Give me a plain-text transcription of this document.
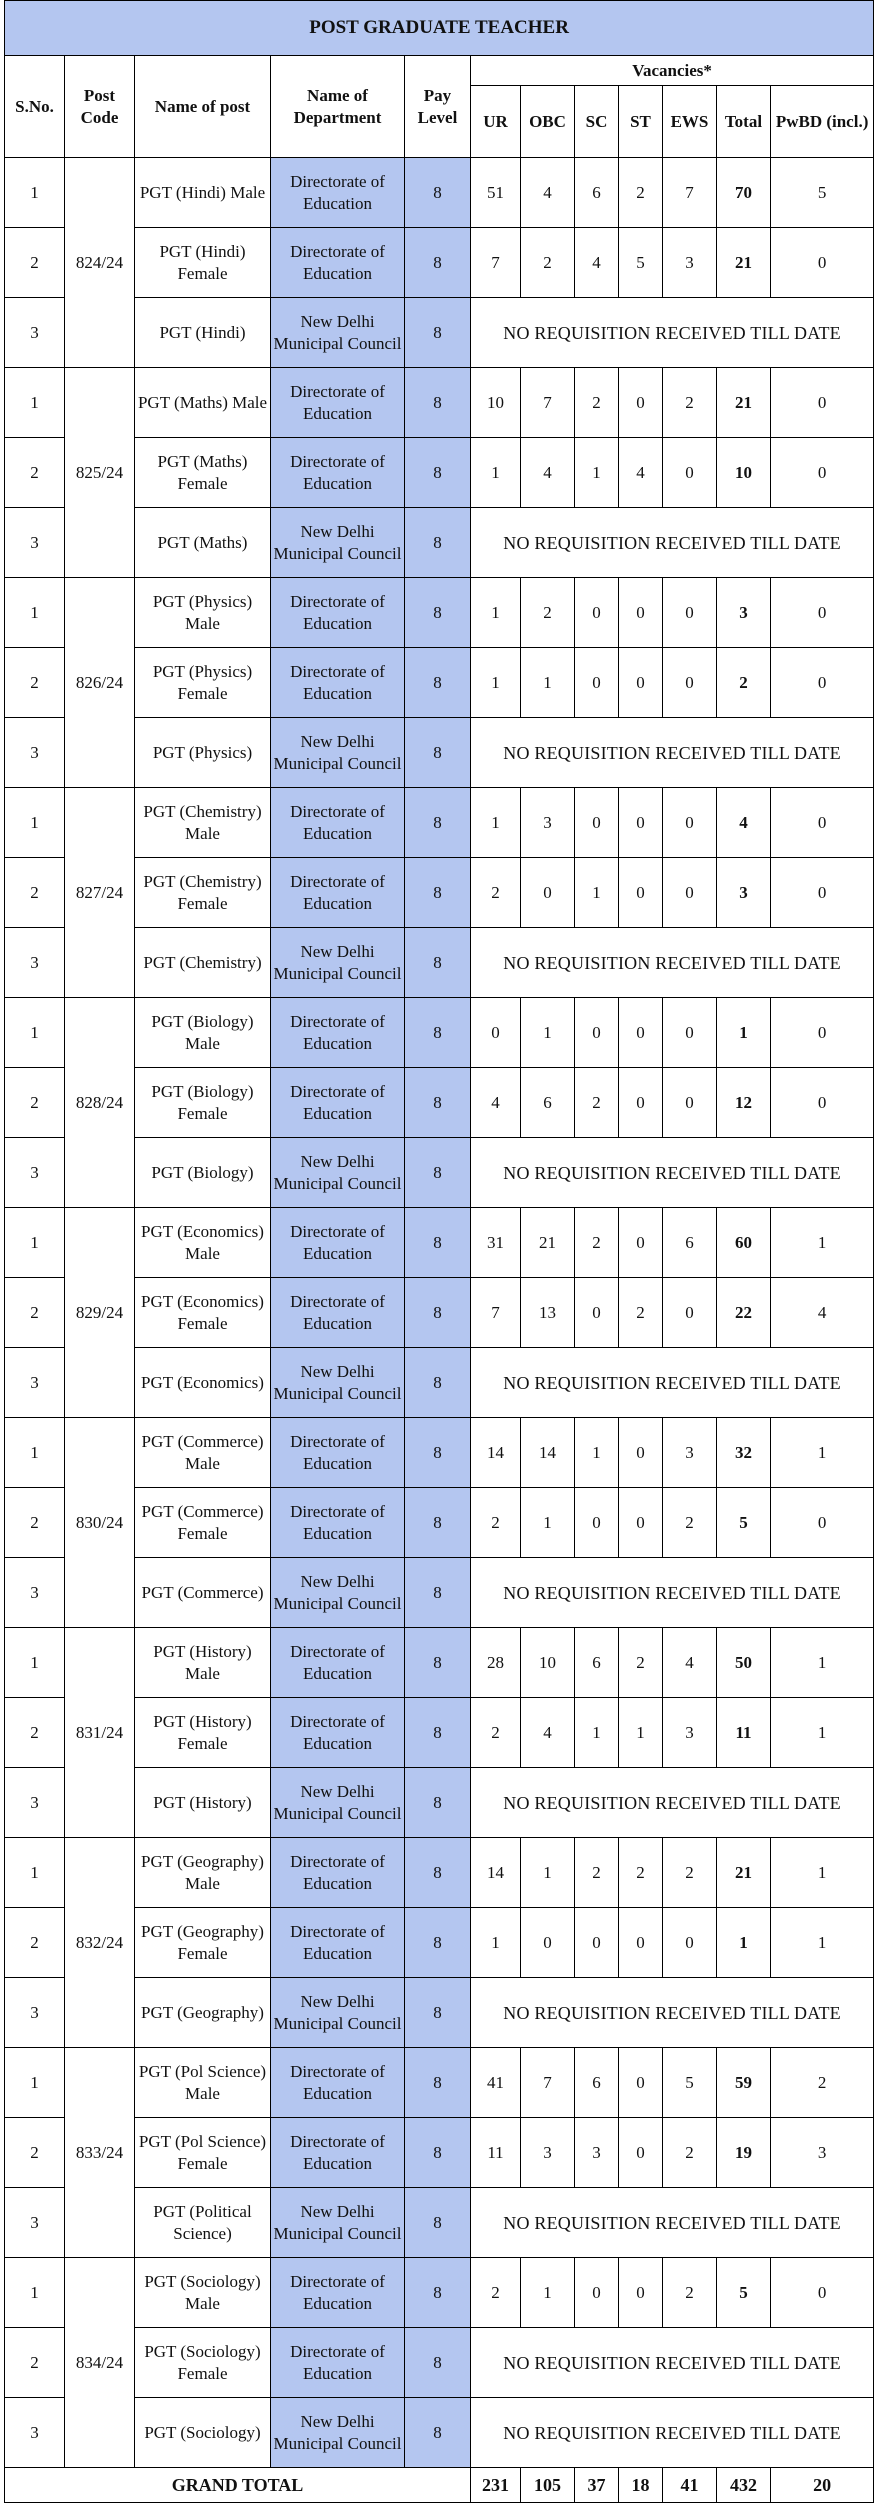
POST GRADUATE TEACHER											
S.No.	Post Code	Name of post	Name of Department	Pay Level	Vacancies*						
					UR	OBC	SC	ST	EWS	Total	PwBD (incl.)
1	824/24	PGT (Hindi) Male	Directorate of Education	8	51	4	6	2	7	70	5
2		PGT (Hindi) Female	Directorate of Education	8	7	2	4	5	3	21	0
3		PGT (Hindi)	New Delhi Municipal Council	8	NO REQUISITION RECEIVED TILL DATE						
1	825/24	PGT (Maths) Male	Directorate of Education	8	10	7	2	0	2	21	0
2		PGT (Maths) Female	Directorate of Education	8	1	4	1	4	0	10	0
3		PGT (Maths)	New Delhi Municipal Council	8	NO REQUISITION RECEIVED TILL DATE						
1	826/24	PGT (Physics) Male	Directorate of Education	8	1	2	0	0	0	3	0
2		PGT (Physics) Female	Directorate of Education	8	1	1	0	0	0	2	0
3		PGT (Physics)	New Delhi Municipal Council	8	NO REQUISITION RECEIVED TILL DATE						
1	827/24	PGT (Chemistry) Male	Directorate of Education	8	1	3	0	0	0	4	0
2		PGT (Chemistry) Female	Directorate of Education	8	2	0	1	0	0	3	0
3		PGT (Chemistry)	New Delhi Municipal Council	8	NO REQUISITION RECEIVED TILL DATE						
1	828/24	PGT (Biology) Male	Directorate of Education	8	0	1	0	0	0	1	0
2		PGT (Biology) Female	Directorate of Education	8	4	6	2	0	0	12	0
3		PGT (Biology)	New Delhi Municipal Council	8	NO REQUISITION RECEIVED TILL DATE						
1	829/24	PGT (Economics) Male	Directorate of Education	8	31	21	2	0	6	60	1
2		PGT (Economics) Female	Directorate of Education	8	7	13	0	2	0	22	4
3		PGT (Economics)	New Delhi Municipal Council	8	NO REQUISITION RECEIVED TILL DATE						
1	830/24	PGT (Commerce) Male	Directorate of Education	8	14	14	1	0	3	32	1
2		PGT (Commerce) Female	Directorate of Education	8	2	1	0	0	2	5	0
3		PGT (Commerce)	New Delhi Municipal Council	8	NO REQUISITION RECEIVED TILL DATE						
1	831/24	PGT (History) Male	Directorate of Education	8	28	10	6	2	4	50	1
2		PGT (History) Female	Directorate of Education	8	2	4	1	1	3	11	1
3		PGT (History)	New Delhi Municipal Council	8	NO REQUISITION RECEIVED TILL DATE						
1	832/24	PGT (Geography) Male	Directorate of Education	8	14	1	2	2	2	21	1
2		PGT (Geography) Female	Directorate of Education	8	1	0	0	0	0	1	1
3		PGT (Geography)	New Delhi Municipal Council	8	NO REQUISITION RECEIVED TILL DATE						
1	833/24	PGT (Pol Science) Male	Directorate of Education	8	41	7	6	0	5	59	2
2		PGT (Pol Science) Female	Directorate of Education	8	11	3	3	0	2	19	3
3		PGT (Political Science)	New Delhi Municipal Council	8	NO REQUISITION RECEIVED TILL DATE						
1	834/24	PGT (Sociology) Male	Directorate of Education	8	2	1	0	0	2	5	0
2		PGT (Sociology) Female	Directorate of Education	8	NO REQUISITION RECEIVED TILL DATE						
3		PGT (Sociology)	New Delhi Municipal Council	8	NO REQUISITION RECEIVED TILL DATE						
GRAND TOTAL					231	105	37	18	41	432	20
